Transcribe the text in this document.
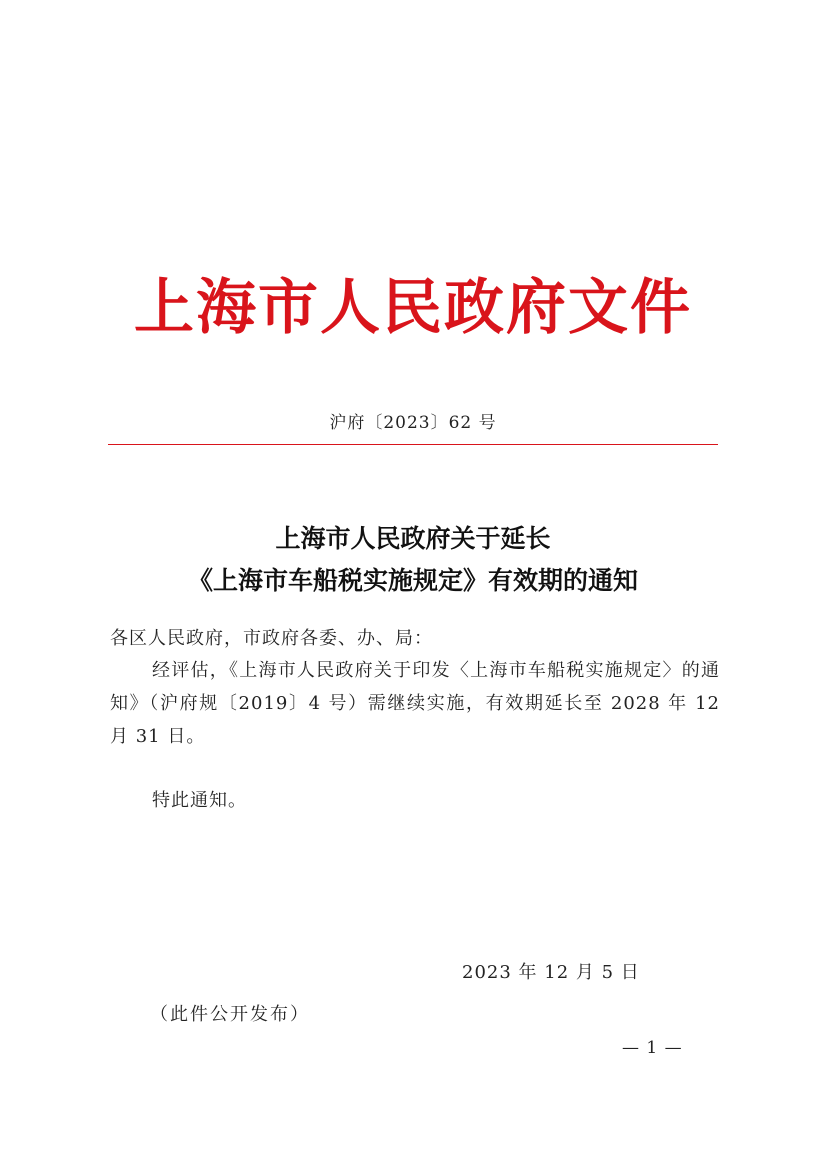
上海市人民政府文件
沪府〔2023〕62 号
上海市人民政府关于延长
《上海市车船税实施规定》有效期的通知
各区人民政府，市政府各委、办、局：
经评估，《上海市人民政府关于印发〈上海市车船税实施规定〉的通知》（沪府规〔2019〕4 号）需继续实施，有效期延长至 2028 年 12 月 31 日。
特此通知。
2023 年 12 月 5 日
（此件公开发布）
— 1 —
